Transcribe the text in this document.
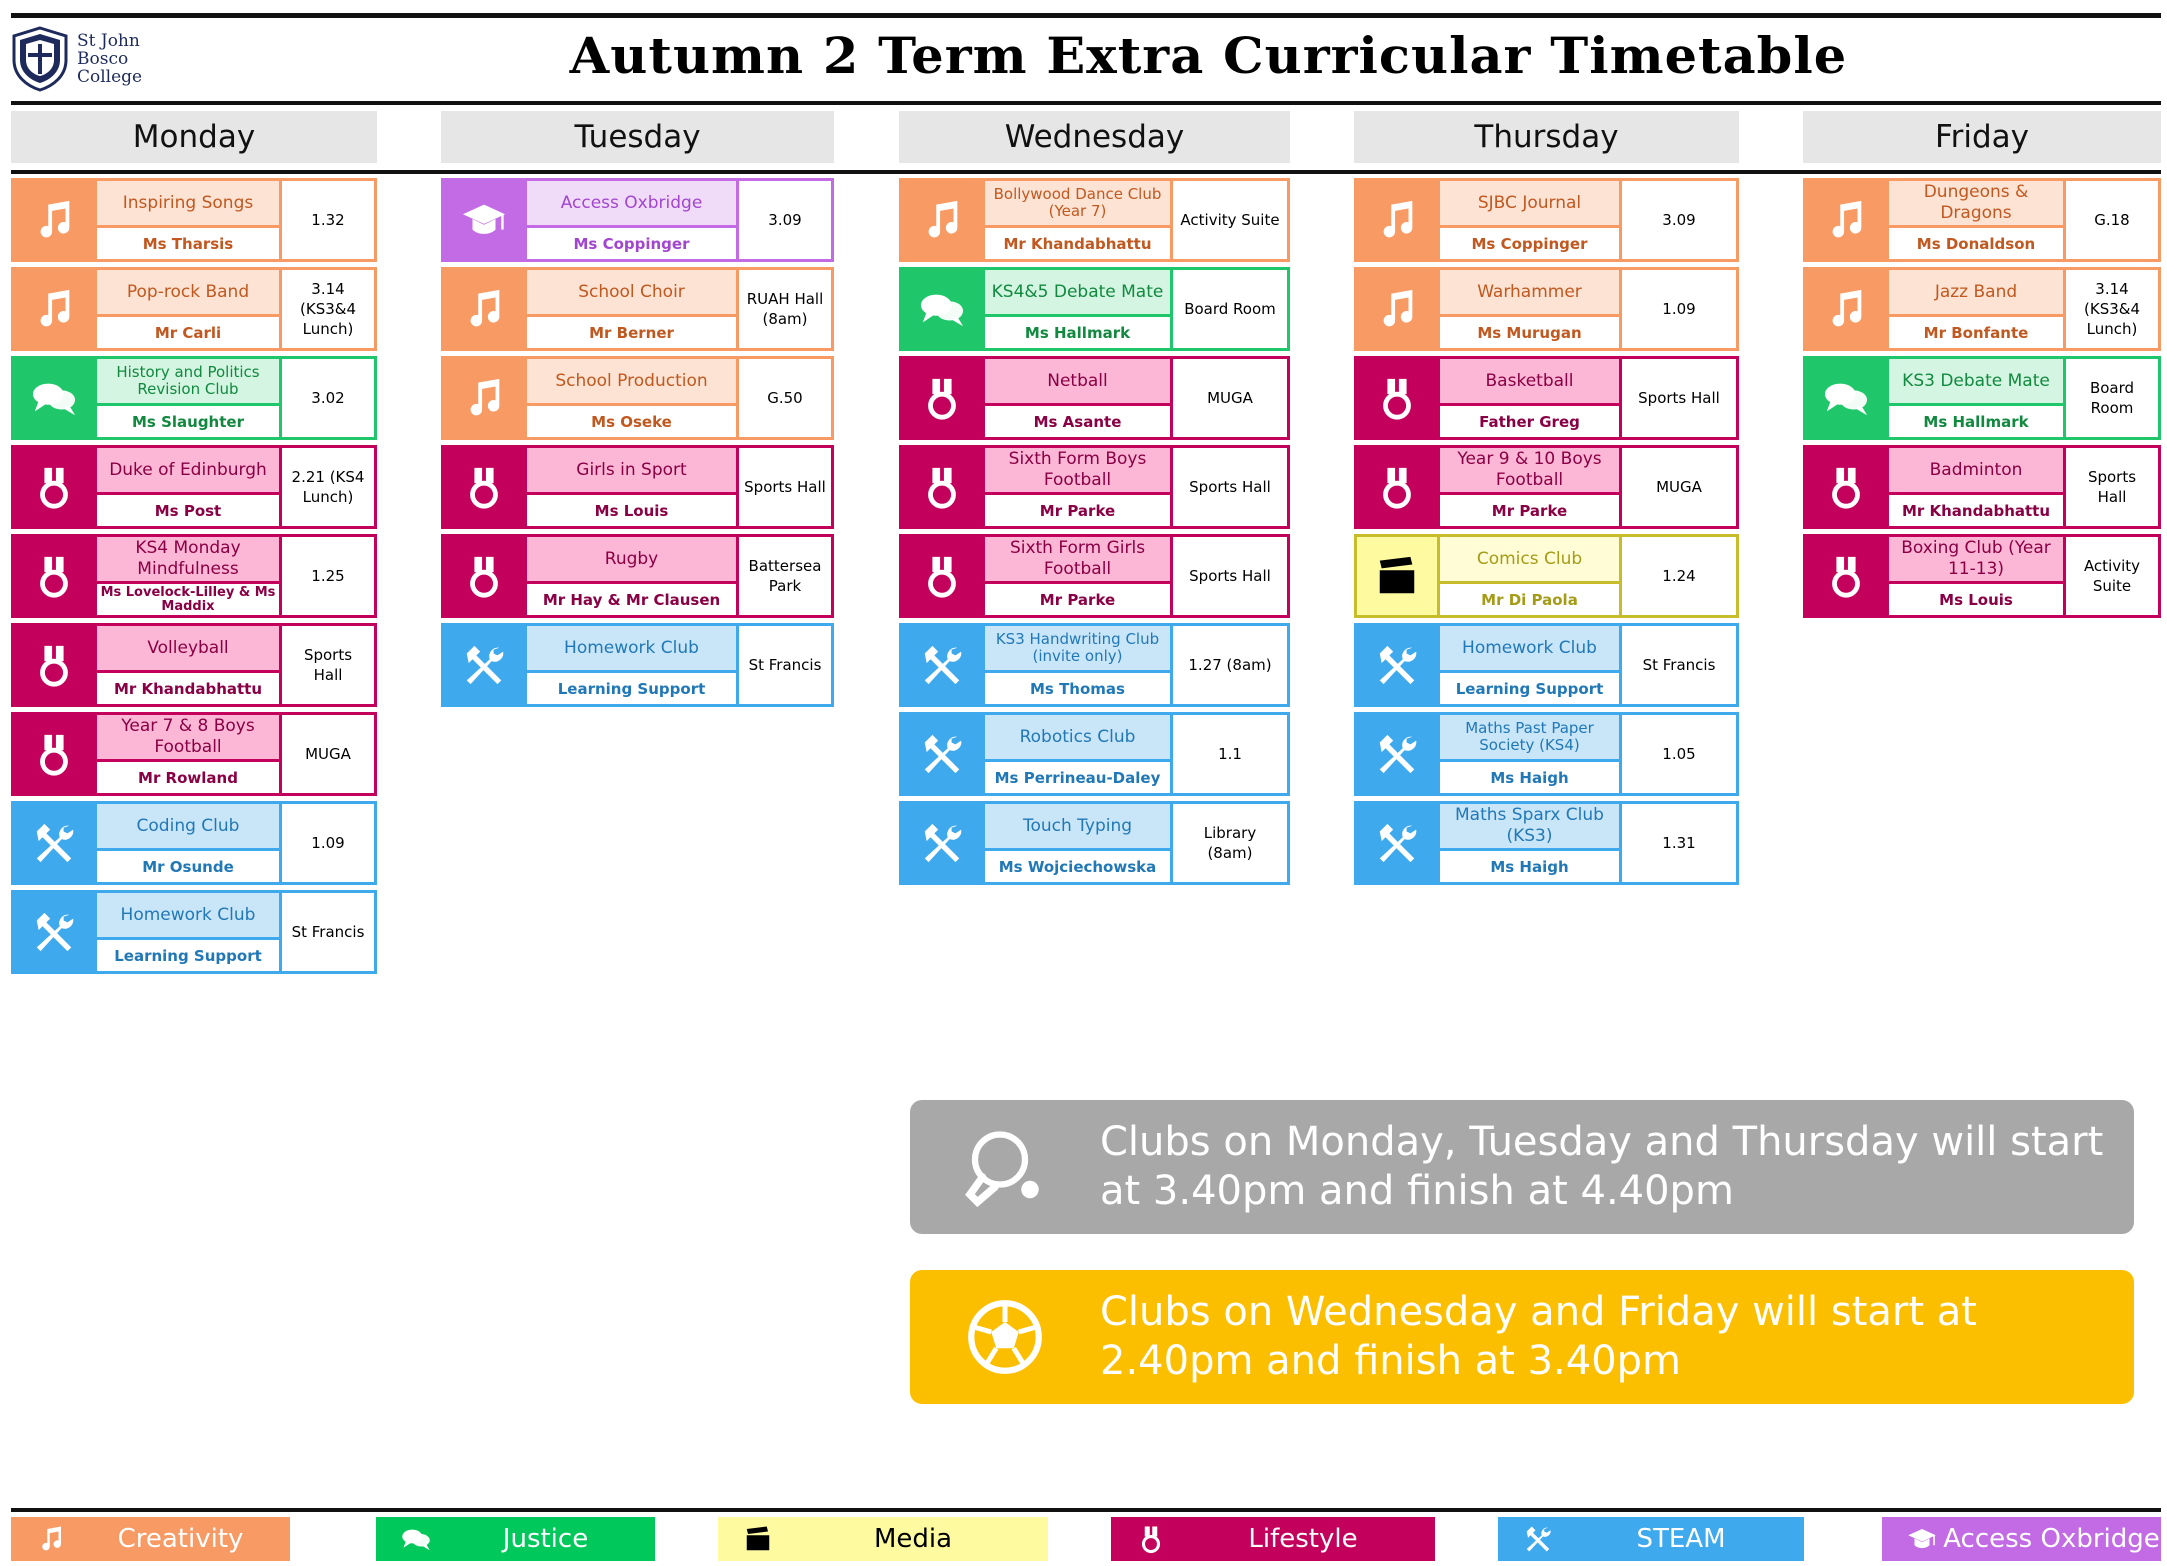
St John
Bosco
College	Autumn 2 Term Extra Curricular Timetable
Monday
Inspiring Songs
Ms Tharsis
1.32
Pop-rock Band
Mr Carli
3.14
(KS3&4
Lunch)
History and Politics Revision Club
Ms Slaughter
3.02
Duke of Edinburgh
Ms Post
2.21 (KS4
Lunch)
KS4 Monday Mindfulness
Ms Lovelock-Lilley & Ms Maddix
1.25
Volleyball
Mr Khandabhattu
Sports
Hall
Year 7 & 8 Boys Football
Mr Rowland
MUGA
Coding Club
Mr Osunde
1.09
Homework Club
Learning Support
St Francis
Tuesday
Access Oxbridge
Ms Coppinger
3.09
School Choir
Mr Berner
RUAH Hall
(8am)
School Production
Ms Oseke
G.50
Girls in Sport
Ms Louis
Sports Hall
Rugby
Mr Hay & Mr Clausen
Battersea
Park
Homework Club
Learning Support
St Francis
Wednesday
Bollywood Dance Club (Year 7)
Mr Khandabhattu
Activity Suite
KS4&5 Debate Mate
Ms Hallmark
Board Room
Netball
Ms Asante
MUGA
Sixth Form Boys Football
Mr Parke
Sports Hall
Sixth Form Girls Football
Mr Parke
Sports Hall
KS3 Handwriting Club (invite only)
Ms Thomas
1.27 (8am)
Robotics Club
Ms Perrineau-Daley
1.1
Touch Typing
Ms Wojciechowska
Library
(8am)
Thursday
SJBC Journal
Ms Coppinger
3.09
Warhammer
Ms Murugan
1.09
Basketball
Father Greg
Sports Hall
Year 9 & 10 Boys Football
Mr Parke
MUGA
Comics Club
Mr Di Paola
1.24
Homework Club
Learning Support
St Francis
Maths Past Paper Society (KS4)
Ms Haigh
1.05
Maths Sparx Club (KS3)
Ms Haigh
1.31
Friday
Dungeons & Dragons
Ms Donaldson
G.18
Jazz Band
Mr Bonfante
3.14
(KS3&4
Lunch)
KS3 Debate Mate
Ms Hallmark
Board
Room
Badminton
Mr Khandabhattu
Sports
Hall
Boxing Club (Year 11-13)
Ms Louis
Activity
Suite
Clubs on Monday, Tuesday and Thursday will start at 3.40pm and finish at 4.40pm
Clubs on Wednesday and Friday will start at 2.40pm and finish at 3.40pm
Creativity	Justice	Media	Lifestyle	STEAM	Access Oxbridge
